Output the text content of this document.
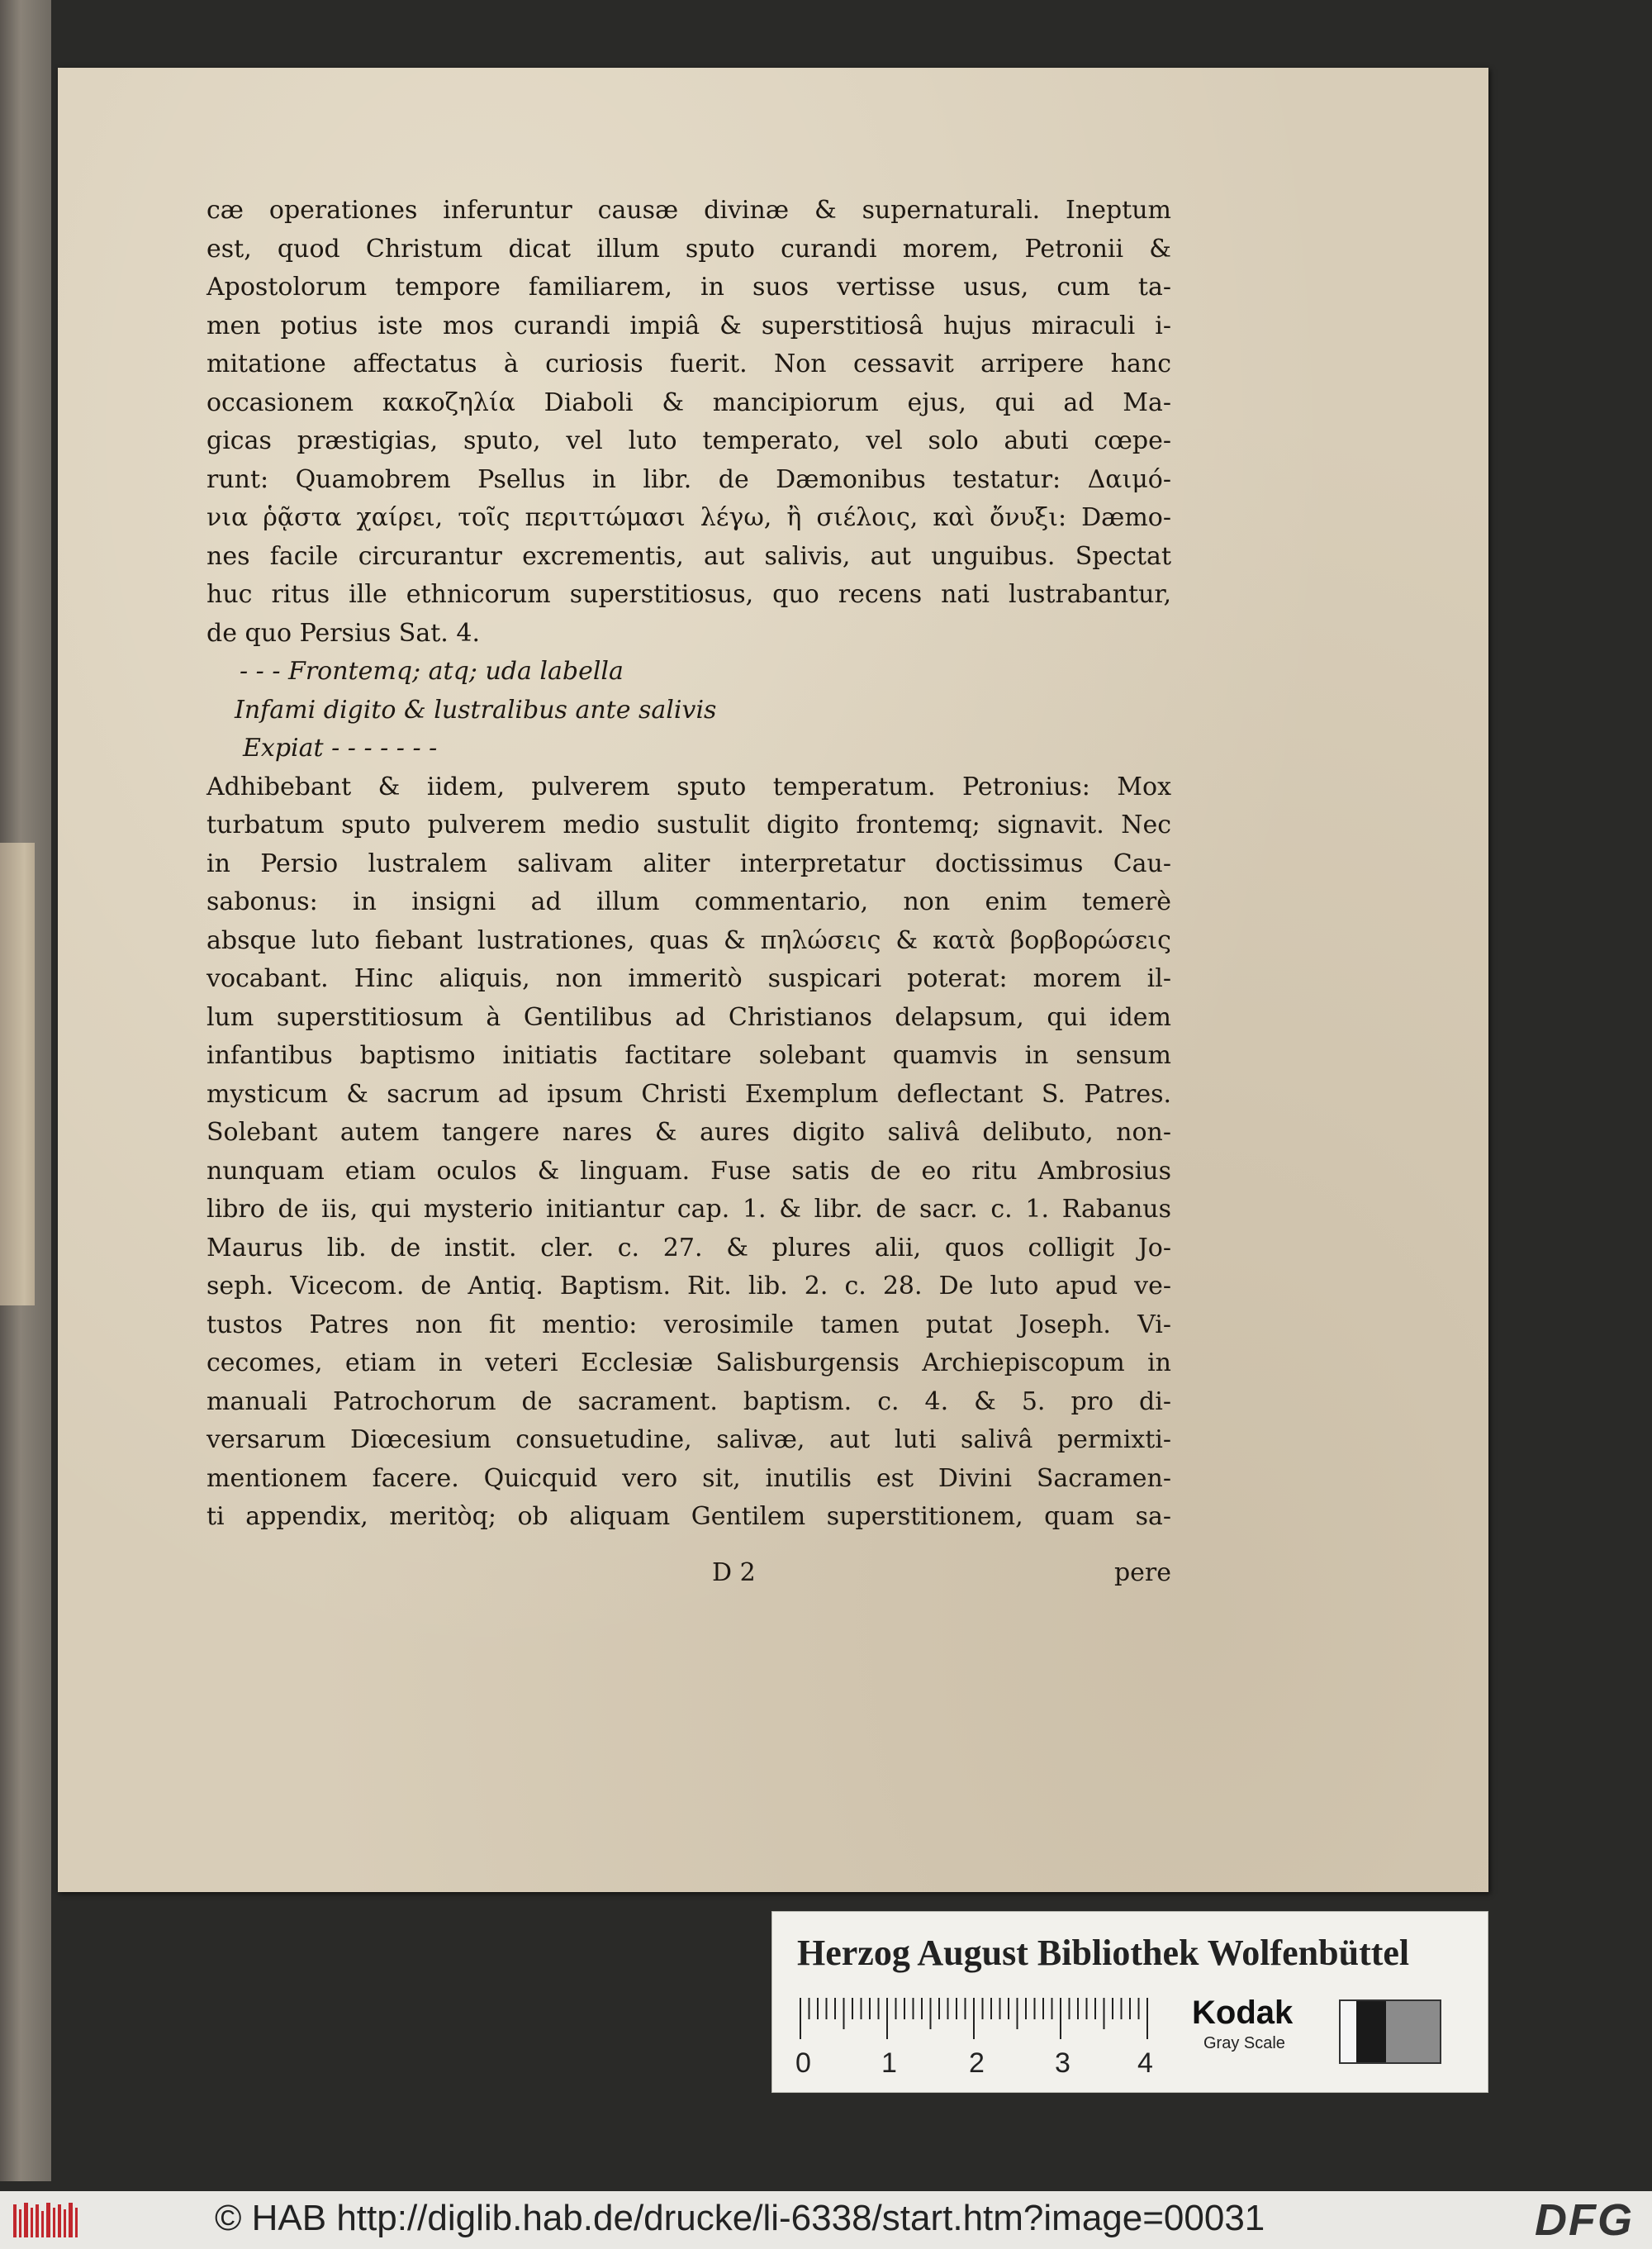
cæ operationes inferuntur causæ divinæ & supernaturali. Ineptum
est, quod Christum dicat illum sputo curandi morem, Petronii &
Apostolorum tempore familiarem, in suos vertisse usus, cum ta-
men potius iste mos curandi impiâ & superstitiosâ hujus miraculi i-
mitatione affectatus à curiosis fuerit. Non cessavit arripere hanc
occasionem κακοζηλία Diaboli & mancipiorum ejus, qui ad Ma-
gicas præstigias, sputo, vel luto temperato, vel solo abuti cœpe-
runt: Quamobrem Psellus in libr. de Dæmonibus testatur: Δαιμό-
νια ῥᾷστα χαίρει, τοῖς περιττώμασι λέγω, ἢ σιέλοις, καὶ ὄνυξι: Dæmo-
nes facile circurantur excrementis, aut salivis, aut unguibus. Spectat
huc ritus ille ethnicorum superstitiosus, quo recens nati lustrabantur,
de quo Persius Sat. 4.
- - - Frontemq; atq; uda labella
Infami digito & lustralibus ante salivis
Expiat - - - - - - -
Adhibebant & iidem, pulverem sputo temperatum. Petronius: Mox
turbatum sputo pulverem medio sustulit digito frontemq; signavit. Nec
in Persio lustralem salivam aliter interpretatur doctissimus Cau-
sabonus: in insigni ad illum commentario, non enim temerè
absque luto fiebant lustrationes, quas & πηλώσεις & κατὰ βορβορώσεις
vocabant. Hinc aliquis, non immeritò suspicari poterat: morem il-
lum superstitiosum à Gentilibus ad Christianos delapsum, qui idem
infantibus baptismo initiatis factitare solebant quamvis in sensum
mysticum & sacrum ad ipsum Christi Exemplum deflectant S. Patres.
Solebant autem tangere nares & aures digito salivâ delibuto, non-
nunquam etiam oculos & linguam. Fuse satis de eo ritu Ambrosius
libro de iis, qui mysterio initiantur cap. 1. & libr. de sacr. c. 1. Rabanus
Maurus lib. de instit. cler. c. 27. & plures alii, quos colligit Jo-
seph. Vicecom. de Antiq. Baptism. Rit. lib. 2. c. 28. De luto apud ve-
tustos Patres non fit mentio: verosimile tamen putat Joseph. Vi-
cecomes, etiam in veteri Ecclesiæ Salisburgensis Archiepiscopum in
manuali Patrochorum de sacrament. baptism. c. 4. & 5. pro di-
versarum Diœcesium consuetudine, salivæ, aut luti salivâ permixti-
mentionem facere. Quicquid vero sit, inutilis est Divini Sacramen-
ti appendix, meritòq; ob aliquam Gentilem superstitionem, quam sa-
D 2	pere
Herzog August Bibliothek Wolfenbüttel
0	1	2	3 4
Kodak
Gray Scale
© HAB http://diglib.hab.de/drucke/li-6338/start.htm?image=00031	DFG
